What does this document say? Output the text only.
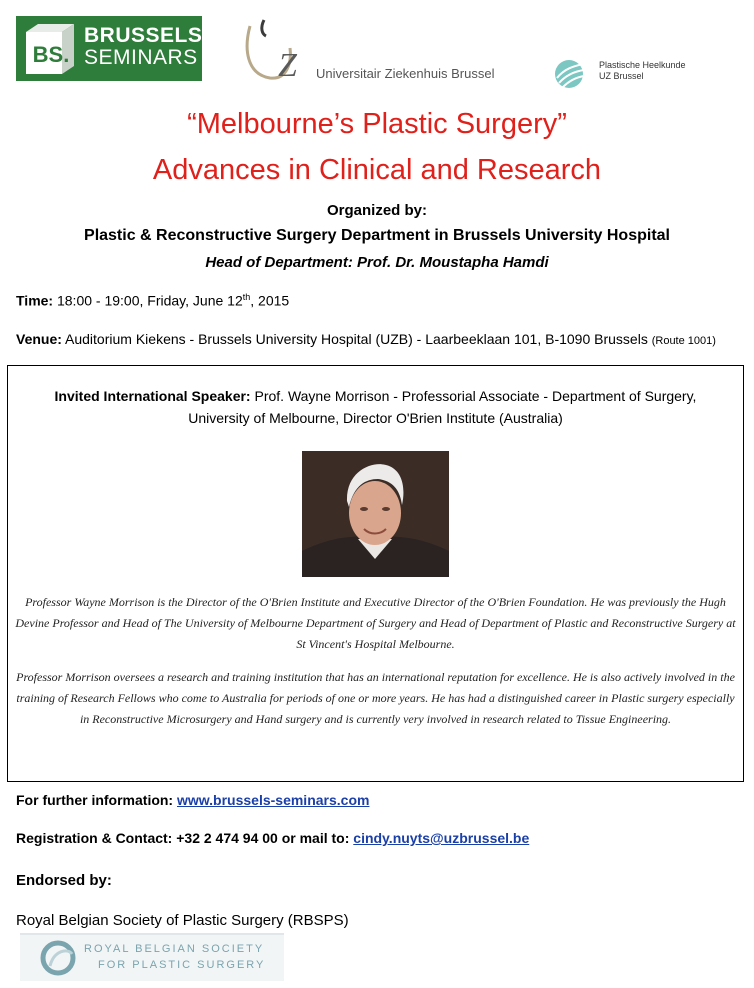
BS.
BRUSSELS
SEMINARS Z Universitair Ziekenhuis Brussel
Plastische Heelkunde
UZ Brussel
“Melbourne’s Plastic Surgery”
Advances in Clinical and Research
Organized by:
Plastic & Reconstructive Surgery Department in Brussels University Hospital
Head of Department: Prof. Dr. Moustapha Hamdi
Time: 18:00 - 19:00, Friday, June 12th, 2015
Venue: Auditorium Kiekens - Brussels University Hospital (UZB) - Laarbeeklaan 101, B-1090 Brussels (Route 1001)
Invited International Speaker: Prof. Wayne Morrison - Professorial Associate - Department of Surgery,
University of Melbourne, Director O'Brien Institute (Australia)
Professor Wayne Morrison is the Director of the O'Brien Institute and Executive Director of the O'Brien Foundation. He was previously the Hugh Devine Professor and Head of The University of Melbourne Department of Surgery and Head of Department of Plastic and Reconstructive Surgery at St Vincent's Hospital Melbourne.
Professor Morrison oversees a research and training institution that has an international reputation for excellence. He is also actively involved in the training of Research Fellows who come to Australia for periods of one or more years. He has had a distinguished career in Plastic surgery especially in Reconstructive Microsurgery and Hand surgery and is currently very involved in research related to Tissue Engineering.
For further information: www.brussels-seminars.com
Registration & Contact: +32 2 474 94 00 or mail to: cindy.nuyts@uzbrussel.be
Endorsed by:
Royal Belgian Society of Plastic Surgery (RBSPS)
ROYAL BELGIAN SOCIETY
FOR PLASTIC SURGERY
